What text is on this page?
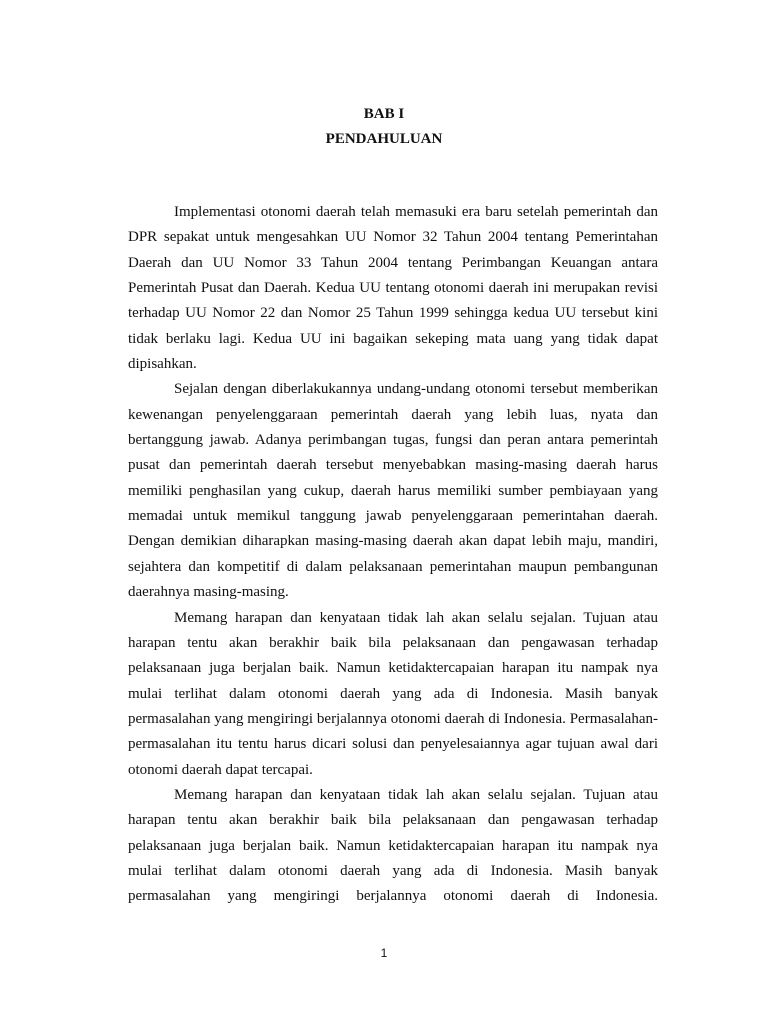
BAB I
PENDAHULUAN

Implementasi otonomi daerah telah memasuki era baru setelah pemerintah dan DPR sepakat untuk mengesahkan UU Nomor 32 Tahun 2004 tentang Pemerintahan Daerah dan UU Nomor 33 Tahun 2004 tentang Perimbangan Keuangan antara Pemerintah Pusat dan Daerah. Kedua UU tentang otonomi daerah ini merupakan revisi terhadap UU Nomor 22 dan Nomor 25 Tahun 1999 sehingga kedua UU tersebut kini tidak berlaku lagi. Kedua UU ini bagaikan sekeping mata uang yang tidak dapat dipisahkan.

Sejalan dengan diberlakukannya undang-undang otonomi tersebut memberikan kewenangan penyelenggaraan pemerintah daerah yang lebih luas, nyata dan bertanggung jawab. Adanya perimbangan tugas, fungsi dan peran antara pemerintah pusat dan pemerintah daerah tersebut menyebabkan masing-masing daerah harus memiliki penghasilan yang cukup, daerah harus memiliki sumber pembiayaan yang memadai untuk memikul tanggung jawab penyelenggaraan pemerintahan daerah. Dengan demikian diharapkan masing-masing daerah akan dapat lebih maju, mandiri, sejahtera dan kompetitif di dalam pelaksanaan pemerintahan maupun pembangunan daerahnya masing-masing.

Memang harapan dan kenyataan tidak lah akan selalu sejalan. Tujuan atau harapan tentu akan berakhir baik bila pelaksanaan dan pengawasan terhadap pelaksanaan juga berjalan baik. Namun ketidaktercapaian harapan itu nampak nya mulai terlihat dalam otonomi daerah yang ada di Indonesia. Masih banyak permasalahan yang mengiringi berjalannya otonomi daerah di Indonesia. Permasalahan-permasalahan itu tentu harus dicari solusi dan penyelesaiannya agar tujuan awal dari otonomi daerah dapat tercapai.

Memang harapan dan kenyataan tidak lah akan selalu sejalan. Tujuan atau harapan tentu akan berakhir baik bila pelaksanaan dan pengawasan terhadap pelaksanaan juga berjalan baik. Namun ketidaktercapaian harapan itu nampak nya mulai terlihat dalam otonomi daerah yang ada di Indonesia. Masih banyak permasalahan yang mengiringi berjalannya otonomi daerah di Indonesia.

1
